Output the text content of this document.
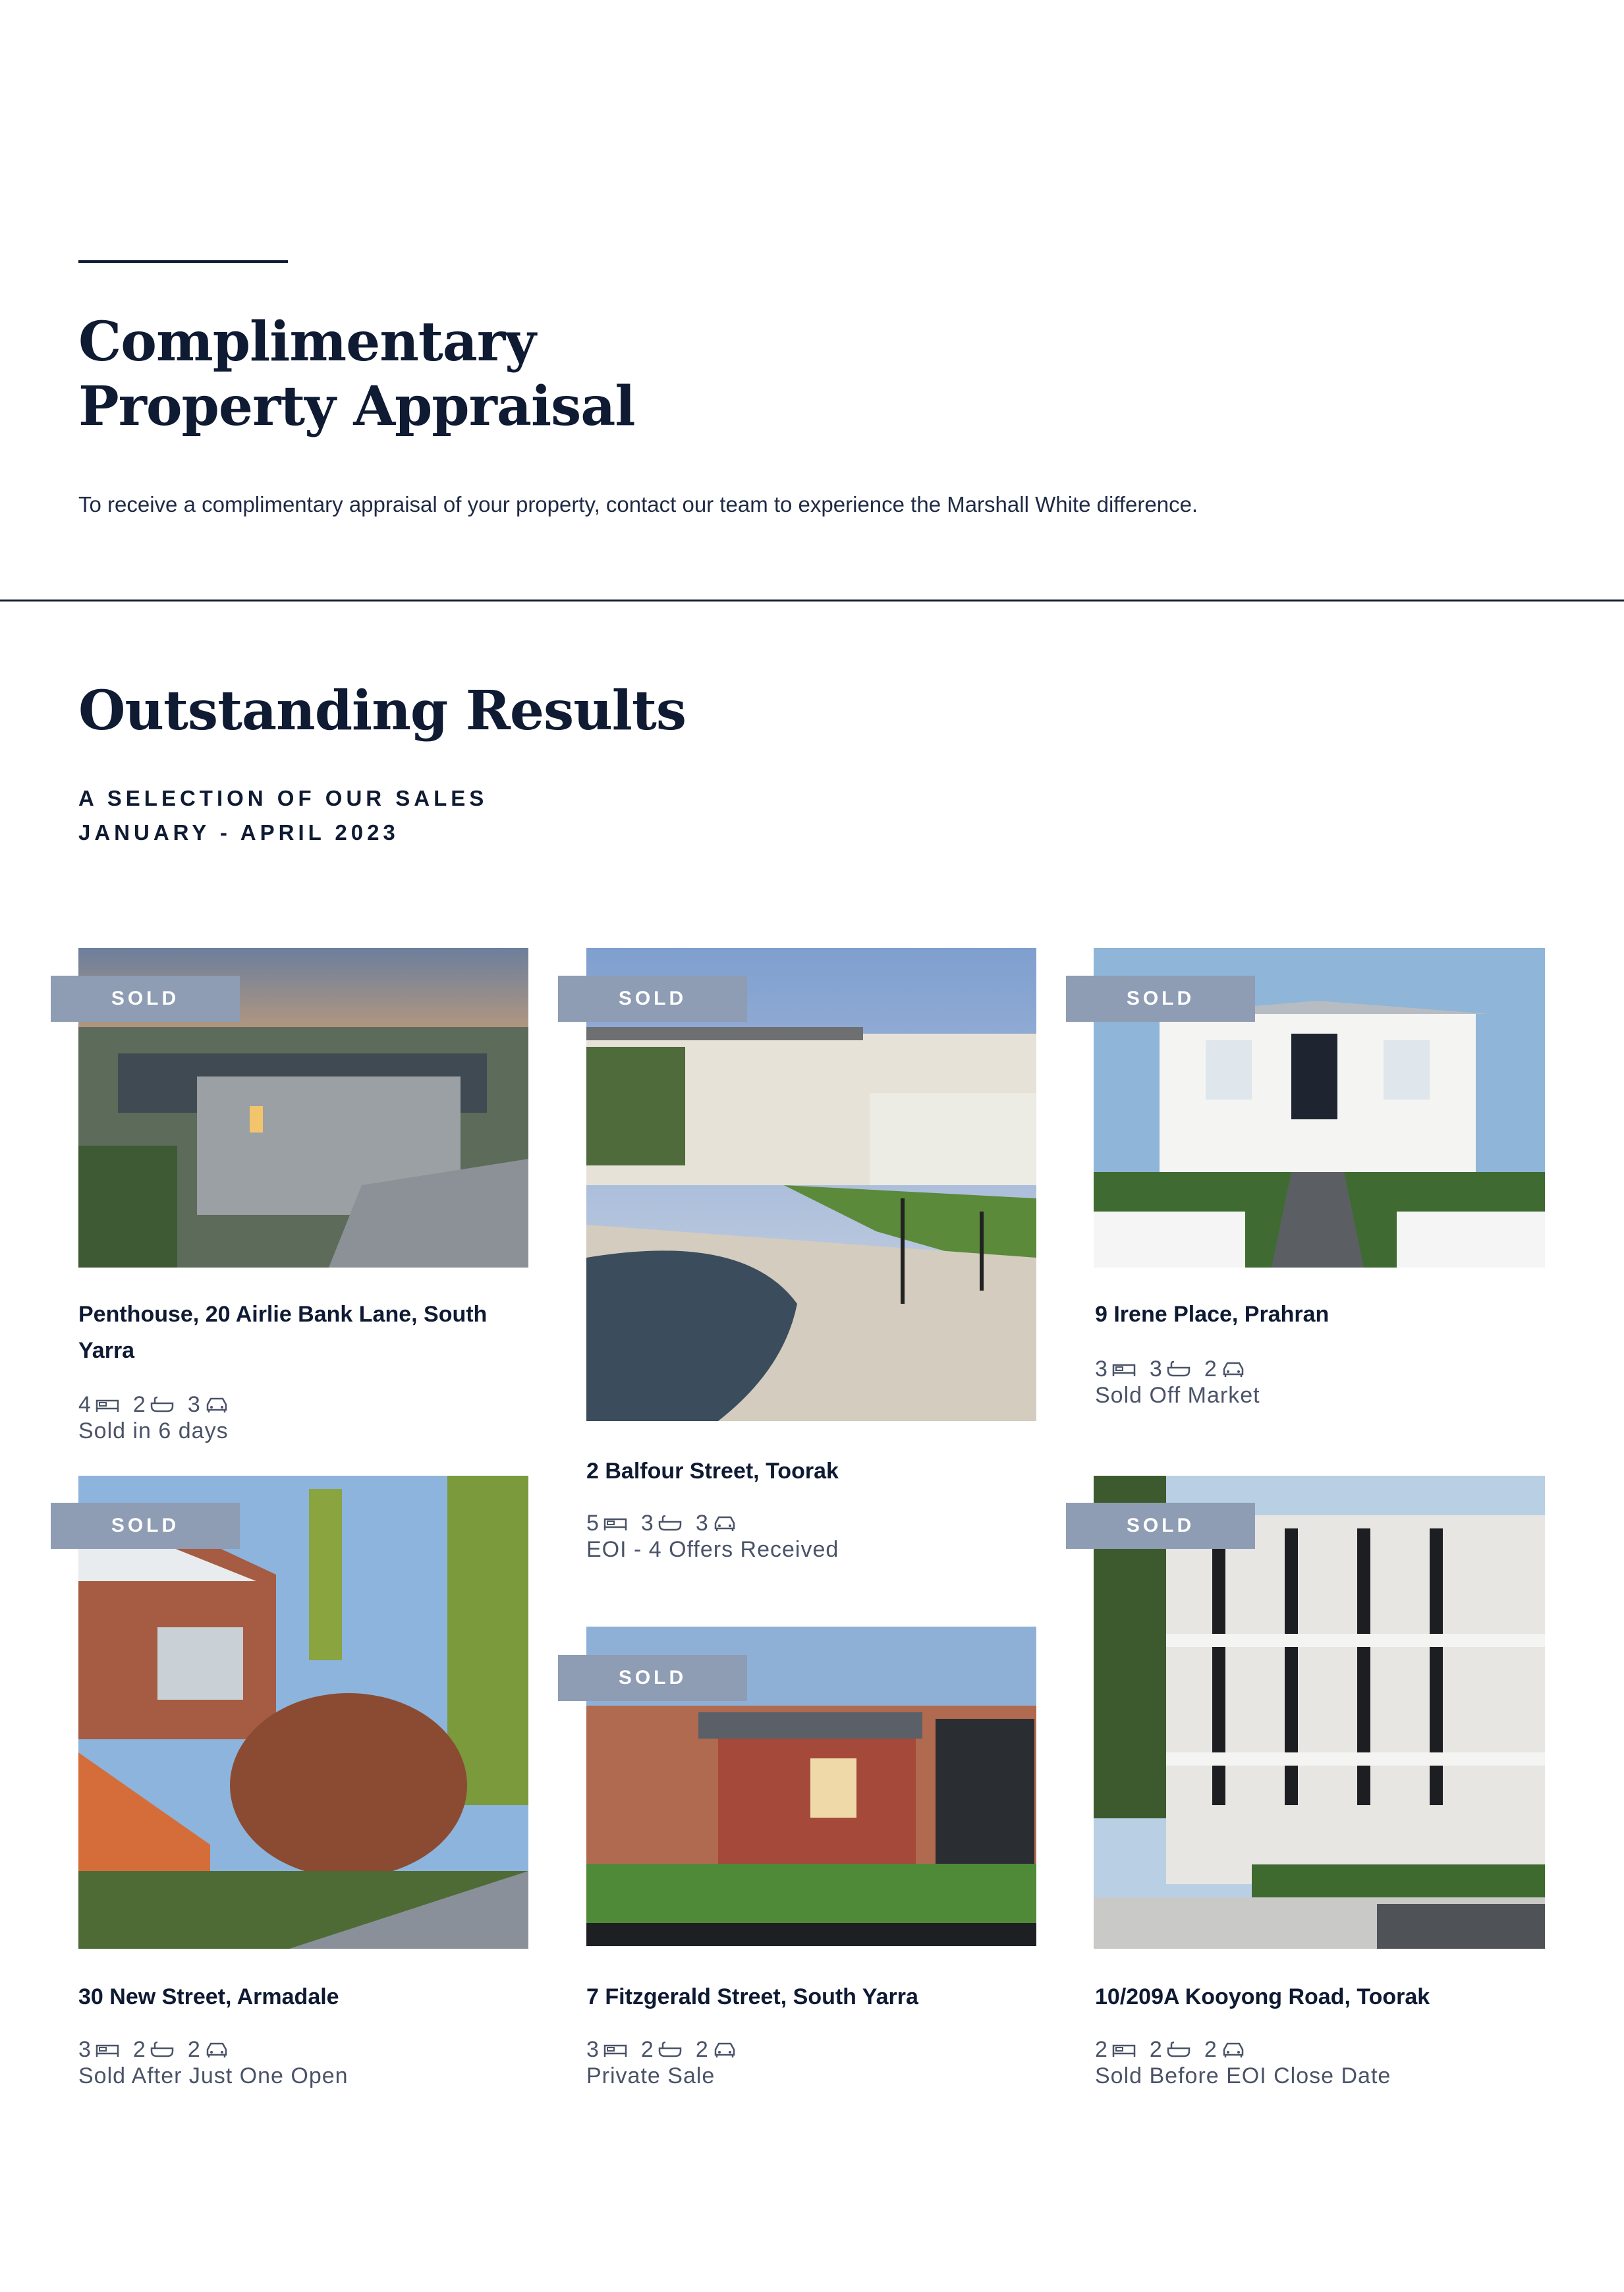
Complimentary
Property Appraisal
To receive a complimentary appraisal of your property, contact our team to experience the Marshall White difference.
Outstanding Results
A SELECTION OF OUR SALES
JANUARY - APRIL 2023
SOLD
Penthouse, 20 Airlie Bank Lane, South Yarra
4 2 3
Sold in 6 days
SOLD
2 Balfour Street, Toorak
5 3 3
EOI - 4 Offers Received
SOLD
9 Irene Place, Prahran
3 3 2
Sold Off Market
SOLD
30 New Street, Armadale
3 2 2
Sold After Just One Open
SOLD
7 Fitzgerald Street, South Yarra
3 2 2
Private Sale
SOLD
10/209A Kooyong Road, Toorak
2 2 2
Sold Before EOI Close Date
